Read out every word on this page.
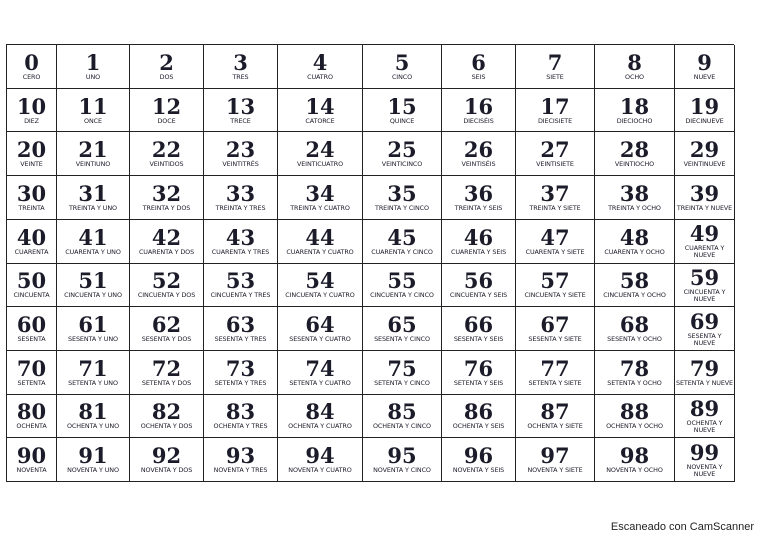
0
CERO
1
UNO
2
DOS
3
TRES
4
CUATRO
5
CINCO
6
SEIS
7
SIETE
8
OCHO
9
NUEVE
10
DIEZ
11
ONCE
12
DOCE
13
TRECE
14
CATORCE
15
QUINCE
16
DIECISÉIS
17
DIECISIETE
18
DIECIOCHO
19
DIECINUEVE
20
VEINTE
21
VEINTIUNO
22
VEINTIDOS
23
VEINTITRÉS
24
VEINTICUATRO
25
VEINTICINCO
26
VEINTISÉIS
27
VEINTISIETE
28
VEINTIOCHO
29
VEINTINUEVE
30
TREINTA
31
TREINTA Y UNO
32
TREINTA Y DOS
33
TREINTA Y TRES
34
TREINTA Y CUATRO
35
TREINTA Y CINCO
36
TREINTA Y SEIS
37
TREINTA Y SIETE
38
TREINTA Y OCHO
39
TREINTA Y NUEVE
40
CUARENTA
41
CUARENTA Y UNO
42
CUARENTA Y DOS
43
CUARENTA Y TRES
44
CUARENTA Y CUATRO
45
CUARENTA Y CINCO
46
CUARENTA Y SEIS
47
CUARENTA Y SIETE
48
CUARENTA Y OCHO
49
CUARENTA Y NUEVE
50
CINCUENTA
51
CINCUENTA Y UNO
52
CINCUENTA Y DOS
53
CINCUENTA Y TRES
54
CINCUENTA Y CUATRO
55
CINCUENTA Y CINCO
56
CINCUENTA Y SEIS
57
CINCUENTA Y SIETE
58
CINCUENTA Y OCHO
59
CINCUENTA Y NUEVE
60
SESENTA
61
SESENTA Y UNO
62
SESENTA Y DOS
63
SESENTA Y TRES
64
SESENTA Y CUATRO
65
SESENTA Y CINCO
66
SESENTA Y SEIS
67
SESENTA Y SIETE
68
SESENTA Y OCHO
69
SESENTA Y NUEVE
70
SETENTA
71
SETENTA Y UNO
72
SETENTA Y DOS
73
SETENTA Y TRES
74
SETENTA Y CUATRO
75
SETENTA Y CINCO
76
SETENTA Y SEIS
77
SETENTA Y SIETE
78
SETENTA Y OCHO
79
SETENTA Y NUEVE
80
OCHENTA
81
OCHENTA Y UNO
82
OCHENTA Y DOS
83
OCHENTA Y TRES
84
OCHENTA Y CUATRO
85
OCHENTA Y CINCO
86
OCHENTA Y SEIS
87
OCHENTA Y SIETE
88
OCHENTA Y OCHO
89
OCHENTA Y NUEVE
90
NOVENTA
91
NOVENTA Y UNO
92
NOVENTA Y DOS
93
NOVENTA Y TRES
94
NOVENTA Y CUATRO
95
NOVENTA Y CINCO
96
NOVENTA Y SEIS
97
NOVENTA Y SIETE
98
NOVENTA Y OCHO
99
NOVENTA Y NUEVE
Escaneado con CamScanner
